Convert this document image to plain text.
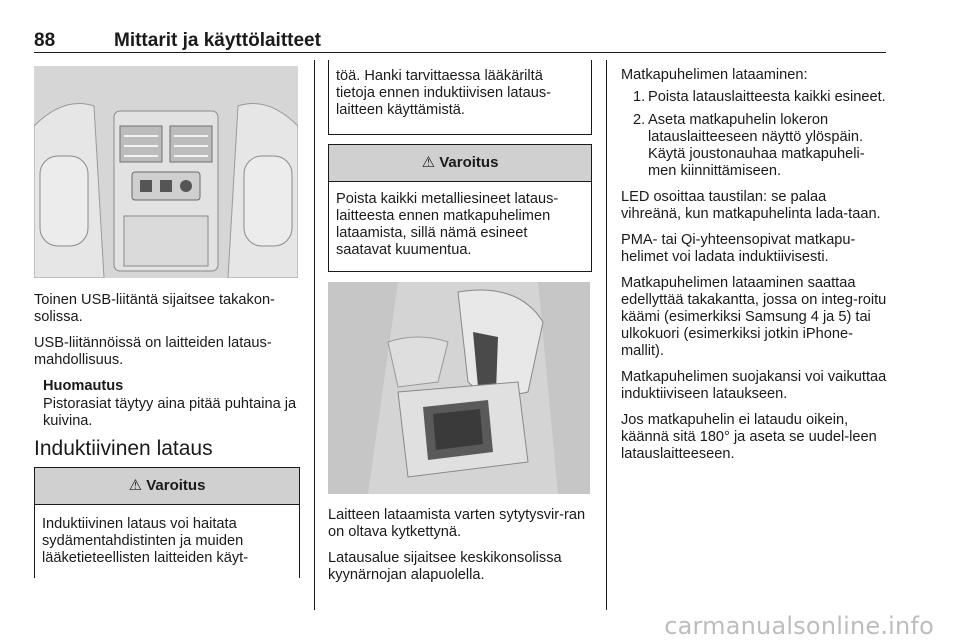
88	Mittarit ja käyttölaitteet

Toinen USB-liitäntä sijaitsee takakon-solissa.

USB-liitännöissä on laitteiden lataus-mahdollisuus.

Huomautus
Pistorasiat täytyy aina pitää puhtaina ja kuivina.
Induktiivinen lataus
⚠ Varoitus
Induktiivinen lataus voi haitata sydämentahdistinten ja muiden lääketieteellisten laitteiden käyt-
töä. Hanki tarvittaessa lääkäriltä tietoja ennen induktiivisen lataus-laitteen käyttämistä.
⚠ Varoitus
Poista kaikki metalliesineet lataus-laitteesta ennen matkapuhelimen lataamista, sillä nämä esineet saatavat kuumentua.

Laitteen lataamista varten sytytysvir-ran on oltava kytkettynä.

Latausalue sijaitsee keskikonsolissa kyynärnojan alapuolella.

Matkapuhelimen lataaminen:

1. Poista latauslaitteesta kaikki esineet.
2. Aseta matkapuhelin lokeron latauslaitteeseen näyttö ylöspäin. Käytä joustonauhaa matkapuheli-men kiinnittämiseen.

LED osoittaa taustilan: se palaa vihreänä, kun matkapuhelinta lada-taan.

PMA- tai Qi-yhteensopivat matkapu-helimet voi ladata induktiivisesti.

Matkapuhelimen lataaminen saattaa edellyttää takakantta, jossa on integ-roitu käämi (esimerkiksi Samsung 4 ja 5) tai ulkokuori (esimerkiksi jotkin iPhone-mallit).

Matkapuhelimen suojakansi voi vaikuttaa induktiiviseen lataukseen.

Jos matkapuhelin ei lataudu oikein, käännä sitä 180° ja aseta se uudel-leen latauslaitteeseen.

carmanualsonline.info
